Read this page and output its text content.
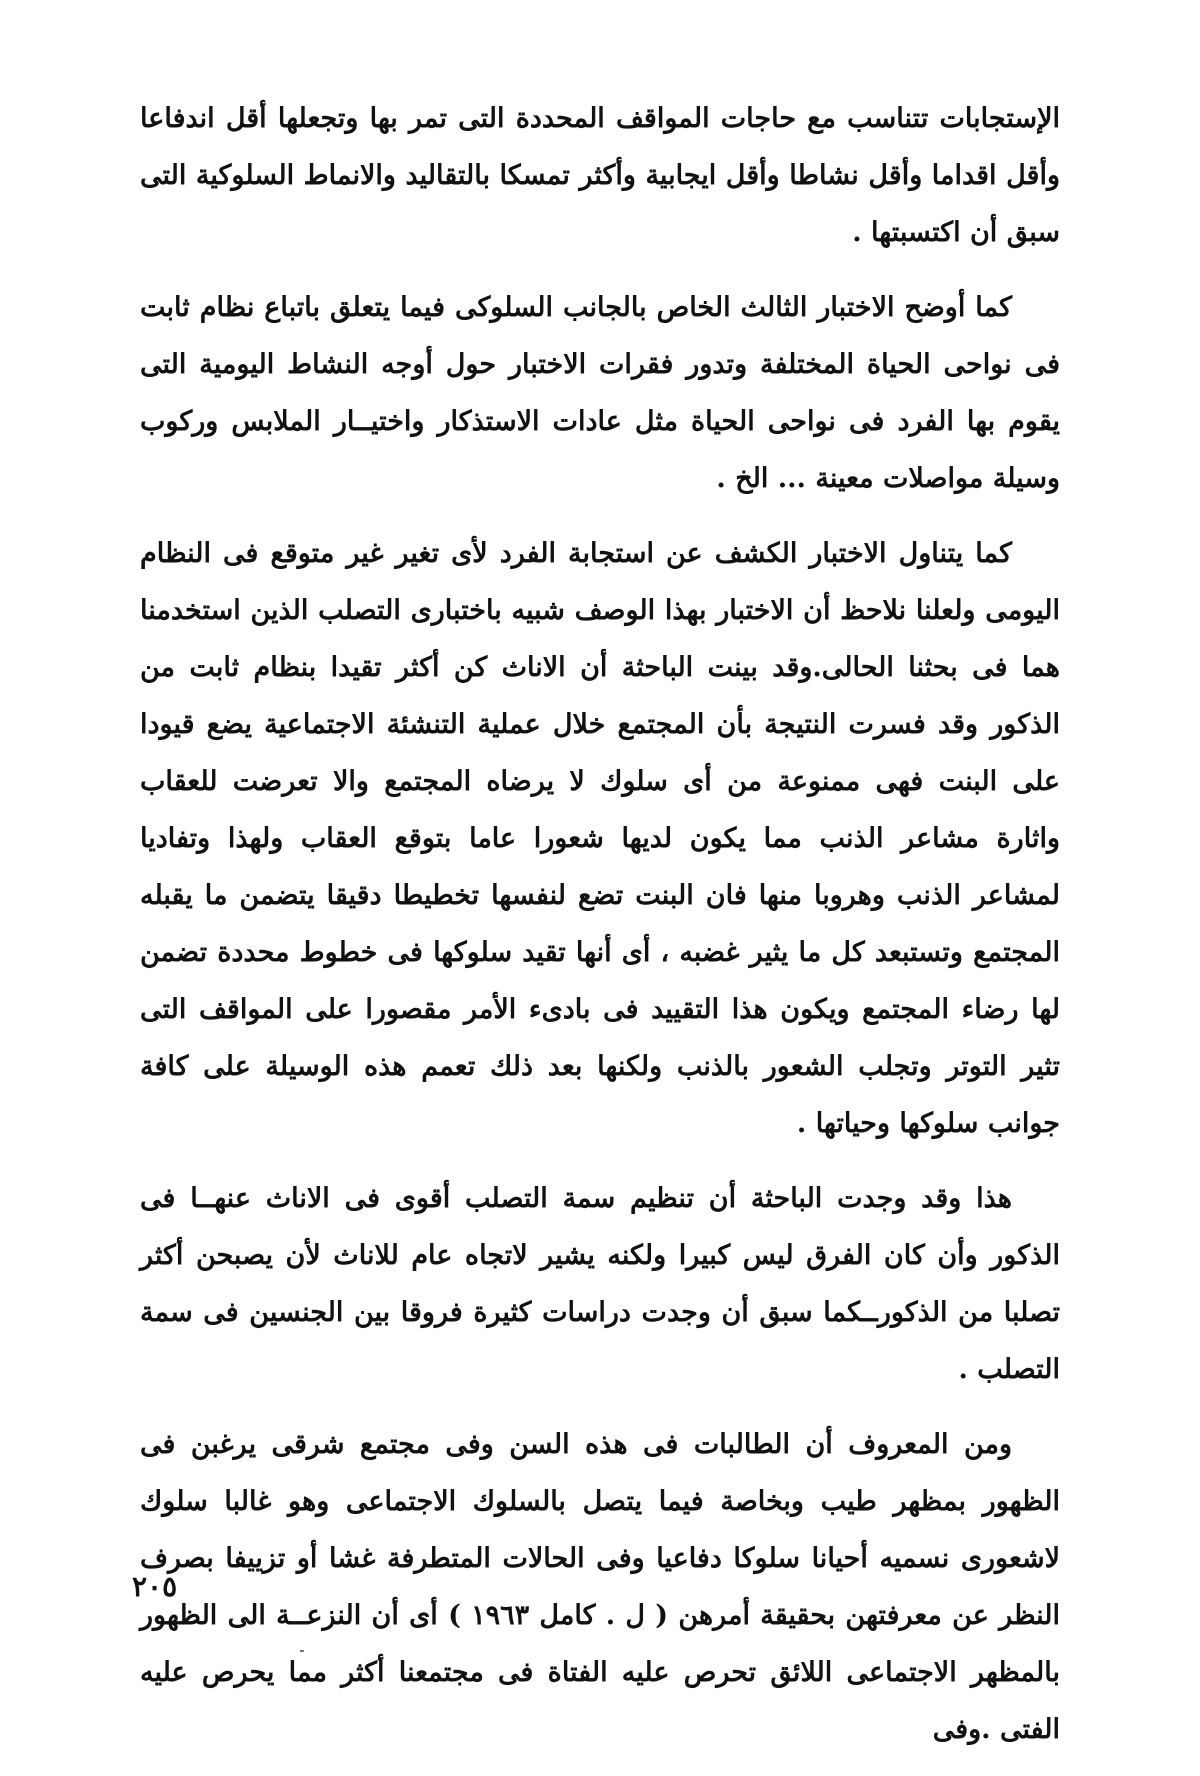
الإستجابات تتناسب مع حاجات المواقف المحددة التى تمر بها وتجعلها أقل اندفاعا وأقل اقداما وأقل نشاطا وأقل ايجابية وأكثر تمسكا بالتقاليد والانماط السلوكية التى سبق أن اكتسبتها .

كما أوضح الاختبار الثالث الخاص بالجانب السلوكى فيما يتعلق باتباع نظام ثابت فى نواحى الحياة المختلفة وتدور فقرات الاختبار حول أوجه النشاط اليومية التى يقوم بها الفرد فى نواحى الحياة مثل عادات الاستذكار واختيــار الملابس وركوب وسيلة مواصلات معينة ... الخ .

كما يتناول الاختبار الكشف عن استجابة الفرد لأى تغير غير متوقع فى النظام اليومى ولعلنا نلاحظ أن الاختبار بهذا الوصف شبيه باختبارى التصلب الذين استخدمنا هما فى بحثنا الحالى.وقد بينت الباحثة أن الاناث كن أكثر تقيدا بنظام ثابت من الذكور وقد فسرت النتيجة بأن المجتمع خلال عملية التنشئة الاجتماعية يضع قيودا على البنت فهى ممنوعة من أى سلوك لا يرضاه المجتمع والا تعرضت للعقاب واثارة مشاعر الذنب مما يكون لديها شعورا عاما بتوقع العقاب ولهذا وتفاديا لمشاعر الذنب وهروبا منها فان البنت تضع لنفسها تخطيطا دقيقا يتضمن ما يقبله المجتمع وتستبعد كل ما يثير غضبه ، أى أنها تقيد سلوكها فى خطوط محددة تضمن لها رضاء المجتمع ويكون هذا التقييد فى بادىء الأمر مقصورا على المواقف التى تثير التوتر وتجلب الشعور بالذنب ولكنها بعد ذلك تعمم هذه الوسيلة على كافة جوانب سلوكها وحياتها .

هذا وقد وجدت الباحثة أن تنظيم سمة التصلب أقوى فى الاناث عنهــا فى الذكور وأن كان الفرق ليس كبيرا ولكنه يشير لاتجاه عام للاناث لأن يصبحن أكثر تصلبا من الذكورــكما سبق أن وجدت دراسات كثيرة فروقا بين الجنسين فى سمة التصلب .

ومن المعروف أن الطالبات فى هذه السن وفى مجتمع شرقى يرغبن فى الظهور بمظهر طيب وبخاصة فيما يتصل بالسلوك الاجتماعى وهو غالبا سلوك لاشعورى نسميه أحيانا سلوكا دفاعيا وفى الحالات المتطرفة غشا أو تزييفا بصرف النظر عن معرفتهن بحقيقة أمرهن ( ل . كامل ١٩٦٣ ) أى أن النزعــة الى الظهور بالمظهر الاجتماعى اللائق تحرص عليه الفتاة فى مجتمعنا أكثر مما يحرص عليه الفتى .وفى

٢٠٥
